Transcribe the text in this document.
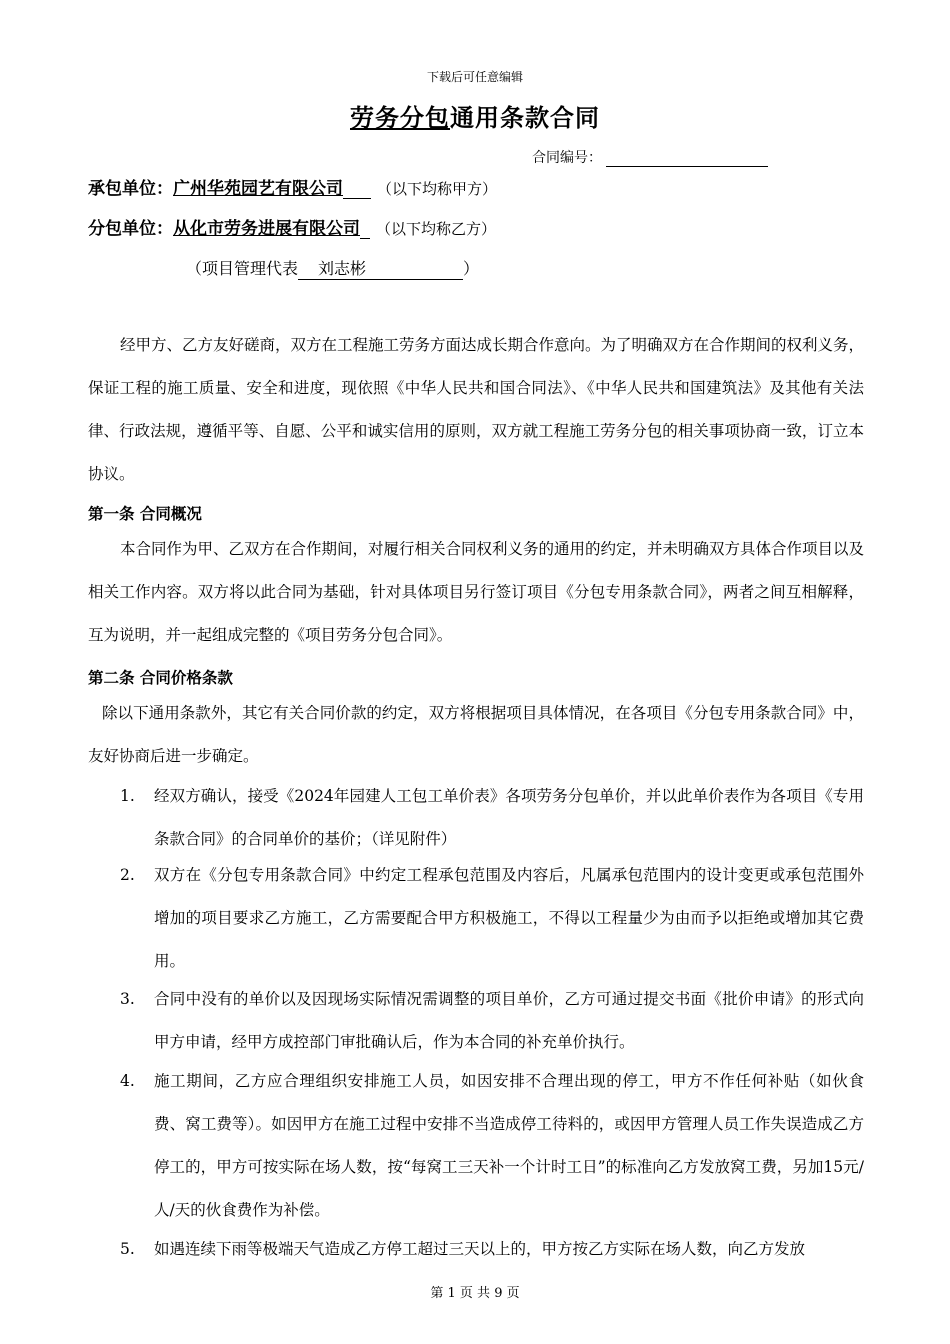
下载后可任意编辑
劳务分包通用条款合同
合同编号：
承包单位：广州华苑园艺有限公司 （以下均称甲方）
分包单位：从化市劳务进展有限公司 （以下均称乙方）
（项目管理代表 刘志彬	）
经甲方、乙方友好磋商，双方在工程施工劳务方面达成长期合作意向。为了明确双方在合作期间的权利义务，保证工程的施工质量、安全和进度，现依照《中华人民共和国合同法》、《中华人民共和国建筑法》及其他有关法律、行政法规，遵循平等、自愿、公平和诚实信用的原则，双方就工程施工劳务分包的相关事项协商一致，订立本协议。
第一条 合同概况
本合同作为甲、乙双方在合作期间，对履行相关合同权利义务的通用的约定，并未明确双方具体合作项目以及相关工作内容。双方将以此合同为基础，针对具体项目另行签订项目《分包专用条款合同》，两者之间互相解释，互为说明，并一起组成完整的《项目劳务分包合同》。
第二条 合同价格条款
除以下通用条款外，其它有关合同价款的约定，双方将根据项目具体情况，在各项目《分包专用条款合同》中，友好协商后进一步确定。
1.	经双方确认，接受《2024年园建人工包工单价表》各项劳务分包单价，并以此单价表作为各项目《专用条款合同》的合同单价的基价；（详见附件）
2.	双方在《分包专用条款合同》中约定工程承包范围及内容后，凡属承包范围内的设计变更或承包范围外增加的项目要求乙方施工，乙方需要配合甲方积极施工，不得以工程量少为由而予以拒绝或增加其它费用。
3.	合同中没有的单价以及因现场实际情况需调整的项目单价，乙方可通过提交书面《批价申请》的形式向甲方申请，经甲方成控部门审批确认后，作为本合同的补充单价执行。
4.	施工期间，乙方应合理组织安排施工人员，如因安排不合理出现的停工，甲方不作任何补贴（如伙食费、窝工费等）。如因甲方在施工过程中安排不当造成停工待料的，或因甲方管理人员工作失误造成乙方停工的，甲方可按实际在场人数，按“每窝工三天补一个计时工日”的标准向乙方发放窝工费，另加15元/人/天的伙食费作为补偿。
5.	如遇连续下雨等极端天气造成乙方停工超过三天以上的，甲方按乙方实际在场人数，向乙方发放
第 1 页 共 9 页
